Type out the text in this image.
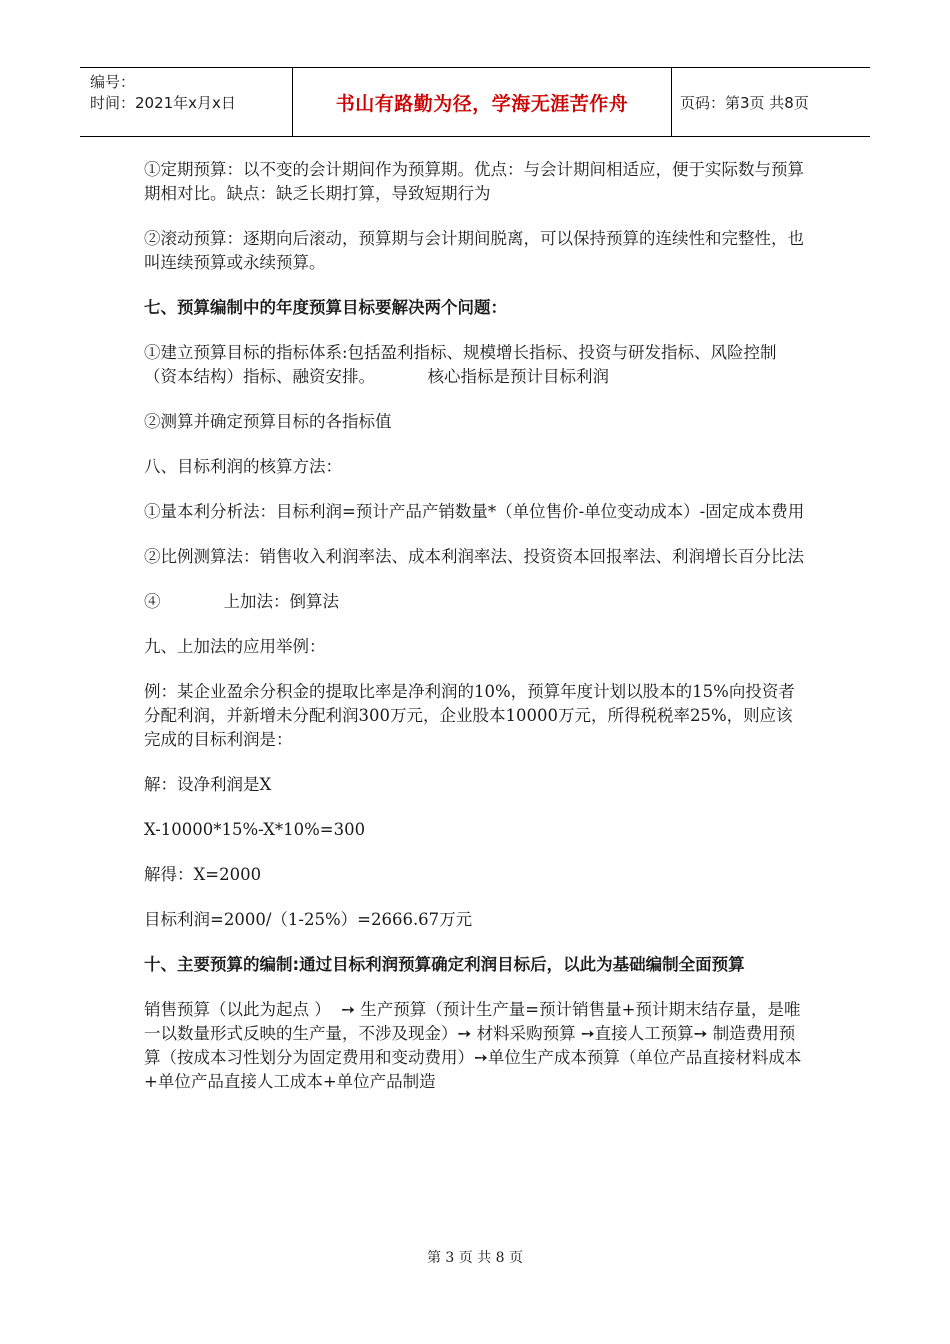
编号：
时间：2021年x月x日	书山有路勤为径，学海无涯苦作舟	页码：第3页 共8页

①定期预算：以不变的会计期间作为预算期。优点：与会计期间相适应，便于实际数与预算期相对比。缺点：缺乏长期打算，导致短期行为

②滚动预算：逐期向后滚动，预算期与会计期间脱离，可以保持预算的连续性和完整性，也叫连续预算或永续预算。

七、预算编制中的年度预算目标要解决两个问题：

①建立预算目标的指标体系:包括盈利指标、规模增长指标、投资与研发指标、风险控制（资本结构）指标、融资安排。          核心指标是预计目标利润

②测算并确定预算目标的各指标值

八、目标利润的核算方法：

①量本利分析法：目标利润=预计产品产销数量*（单位售价-单位变动成本）-固定成本费用

②比例测算法：销售收入利润率法、成本利润率法、投资资本回报率法、利润增长百分比法

④            上加法：倒算法

九、上加法的应用举例：

例：某企业盈余分积金的提取比率是净利润的10%，预算年度计划以股本的15%向投资者分配利润，并新增未分配利润300万元，企业股本10000万元，所得税税率25%，则应该完成的目标利润是：

解：设净利润是X

X-10000*15%-X*10%=300

解得：X=2000

目标利润=2000/（1-25%）=2666.67万元

十、主要预算的编制:通过目标利润预算确定利润目标后，以此为基础编制全面预算

销售预算（以此为起点 ）  ➙ 生产预算（预计生产量=预计销售量+预计期末结存量，是唯一以数量形式反映的生产量，不涉及现金）➙ 材料采购预算 ➙直接人工预算➙ 制造费用预算（按成本习性划分为固定费用和变动费用）➙单位生产成本预算（单位产品直接材料成本+单位产品直接人工成本+单位产品制造

第 3 页 共 8 页
